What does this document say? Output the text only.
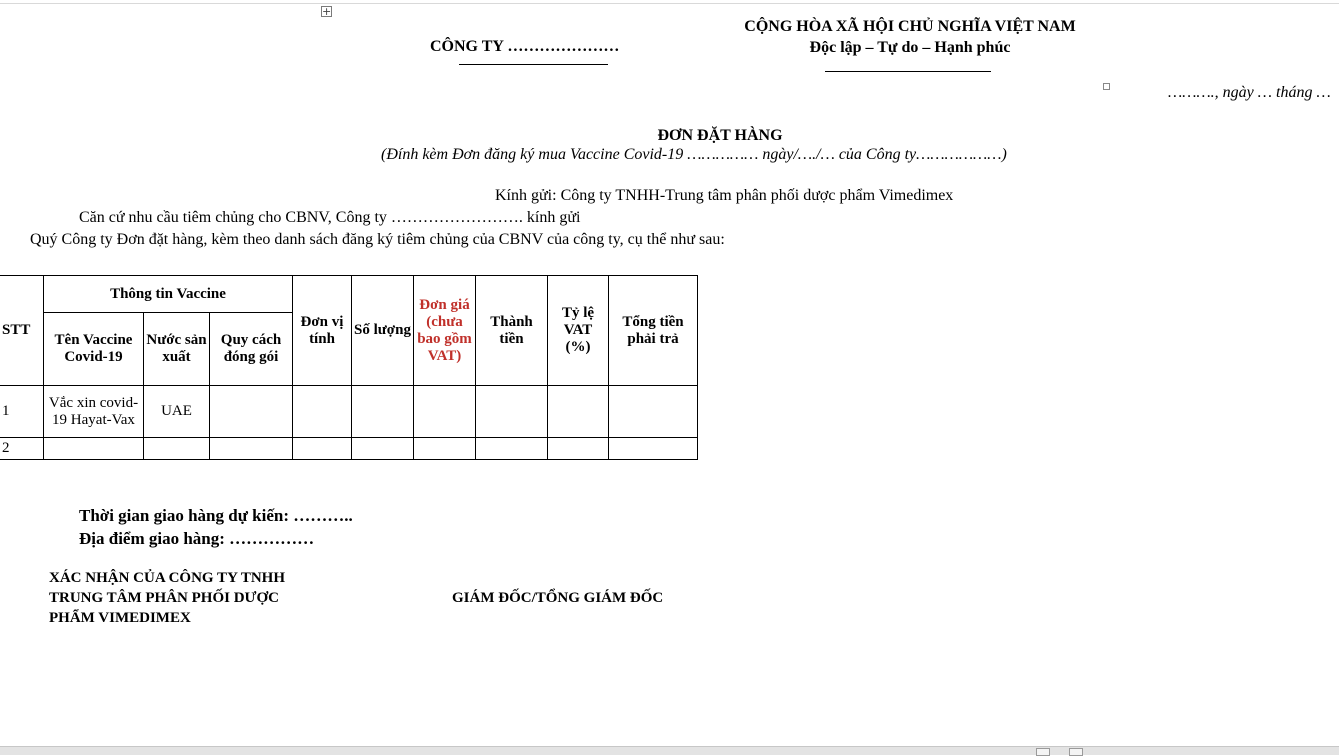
+
CÔNG TY …………………
CỘNG HÒA XÃ HỘI CHỦ NGHĨA VIỆT NAM
Độc lập – Tự do – Hạnh phúc
………., ngày … tháng …
ĐƠN ĐẶT HÀNG
(Đính kèm Đơn đăng ký mua Vaccine Covid-19 …………… ngày/…./… của Công ty………………)
Kính gửi: Công ty TNHH-Trung tâm phân phối dược phẩm Vimedimex
Căn cứ nhu cầu tiêm chủng cho CBNV, Công ty ……………………. kính gửi
Quý Công ty Đơn đặt hàng, kèm theo danh sách đăng ký tiêm chủng của CBNV của công ty, cụ thể như sau:
STT	Thông tin Vaccine			Đơn vị tính	Số lượng	Đơn giá (chưa bao gồm VAT)	Thành tiền	Tỷ lệ VAT (%)	Tổng tiền phải trả
	Tên Vaccine Covid-19	Nước sản xuất	Quy cách đóng gói						
1	Vắc xin covid-19 Hayat-Vax	UAE							
2									
Thời gian giao hàng dự kiến: ………..
Địa điểm giao hàng: ……………
XÁC NHẬN CỦA CÔNG TY TNHH
TRUNG TÂM PHÂN PHỐI DƯỢC
PHẨM VIMEDIMEX
GIÁM ĐỐC/TỔNG GIÁM ĐỐC
